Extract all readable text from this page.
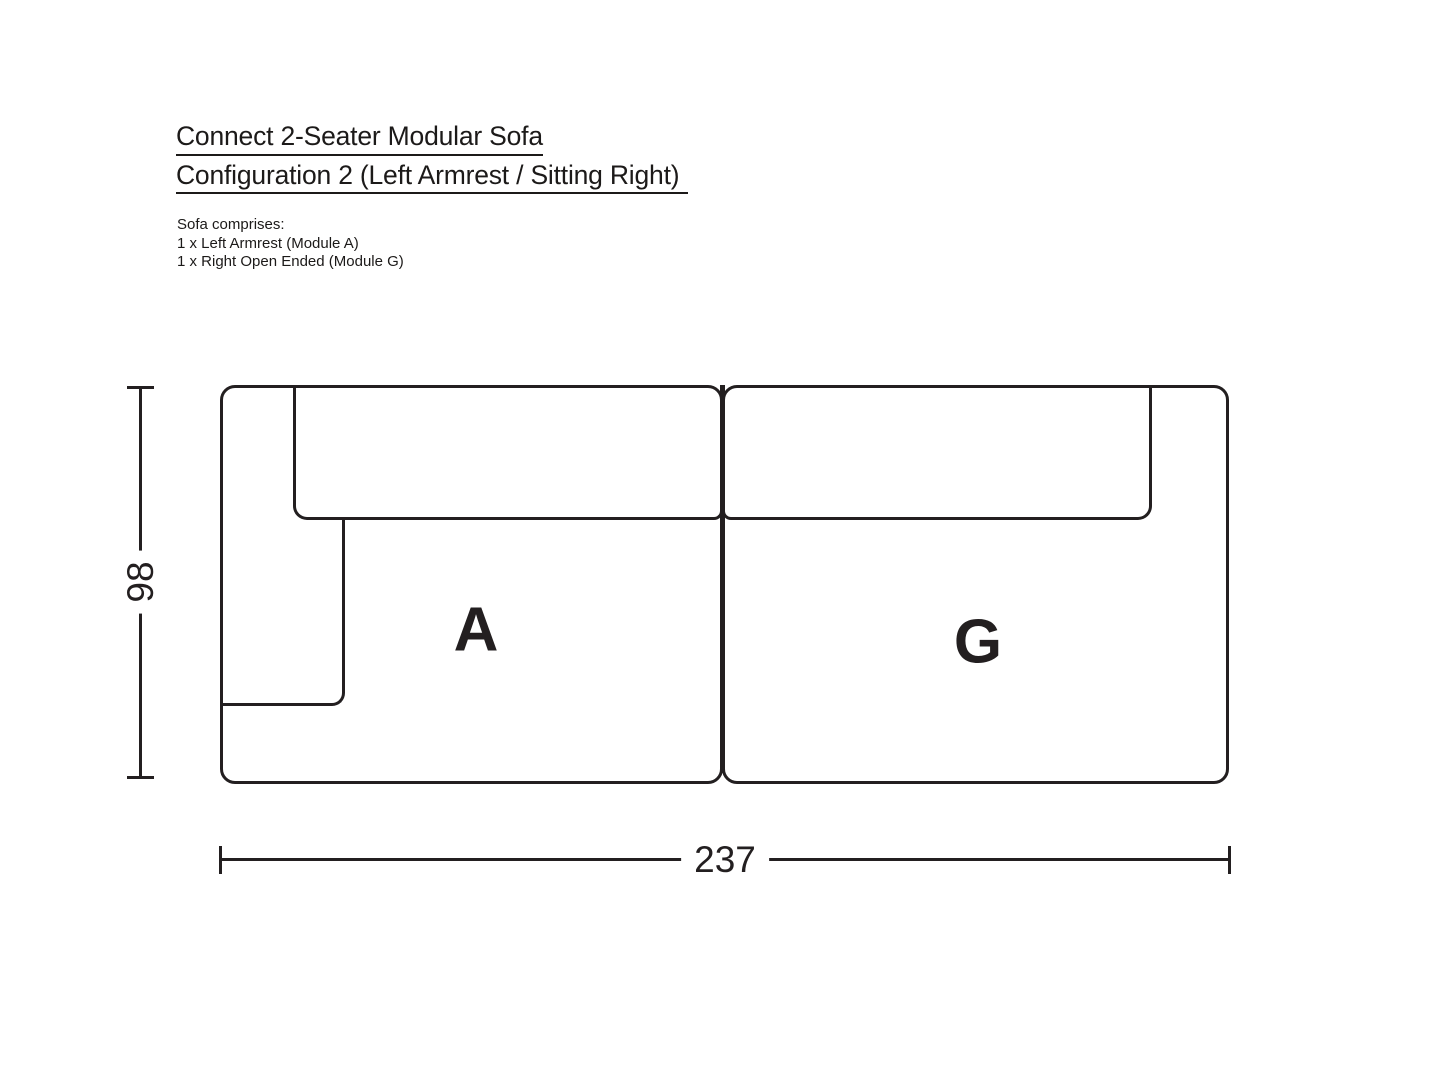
Connect 2-Seater Modular Sofa
Configuration 2 (Left Armrest / Sitting Right)
Sofa comprises:
1 x Left Armrest (Module A)
1 x Right Open Ended (Module G)
A	G
98
237
